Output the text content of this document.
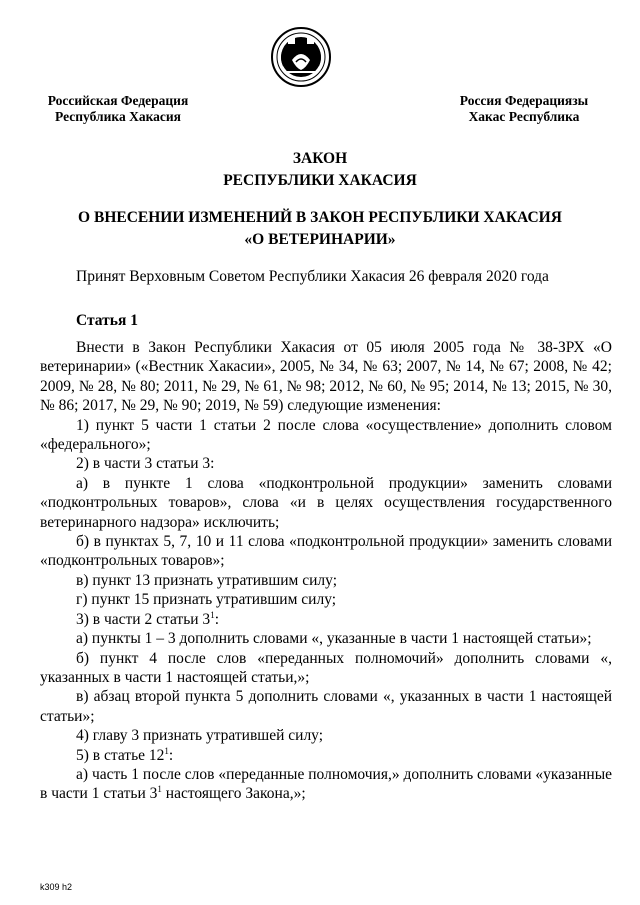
Российская Федерация
Республика Хакасия
Россия Федерациязы
Хакас Республика
ЗАКОН
РЕСПУБЛИКИ ХАКАСИЯ
О ВНЕСЕНИИ ИЗМЕНЕНИЙ В ЗАКОН РЕСПУБЛИКИ ХАКАСИЯ
«О ВЕТЕРИНАРИИ»
Принят Верховным Советом Республики Хакасия 26 февраля 2020 года
Статья 1

Внести в Закон Республики Хакасия от 05 июля 2005 года № 38-ЗРХ «О ветеринарии» («Вестник Хакасии», 2005, № 34, № 63; 2007, № 14, № 67; 2008, № 42; 2009, № 28, № 80; 2011, № 29, № 61, № 98; 2012, № 60, № 95; 2014, № 13; 2015, № 30, № 86; 2017, № 29, № 90; 2019, № 59) следующие изменения:

1) пункт 5 части 1 статьи 2 после слова «осуществление» дополнить словом «федерального»;

2) в части 3 статьи 3:

а) в пункте 1 слова «подконтрольной продукции» заменить словами «подконтрольных товаров», слова «и в целях осуществления государственного ветеринарного надзора» исключить;

б) в пунктах 5, 7, 10 и 11 слова «подконтрольной продукции» заменить словами «подконтрольных товаров»;

в) пункт 13 признать утратившим силу;

г) пункт 15 признать утратившим силу;

3) в части 2 статьи $3^1$:

а) пункты 1 – 3 дополнить словами «, указанные в части 1 настоящей статьи»;

б) пункт 4 после слов «переданных полномочий» дополнить словами «, указанных в части 1 настоящей статьи,»;

в) абзац второй пункта 5 дополнить словами «, указанных в части 1 настоящей статьи»;

4) главу 3 признать утратившей силу;

5) в статье $12^1$:

а) часть 1 после слов «переданные полномочия,» дополнить словами «указанные в части 1 статьи $3^1$ настоящего Закона,»;

k309 h2
